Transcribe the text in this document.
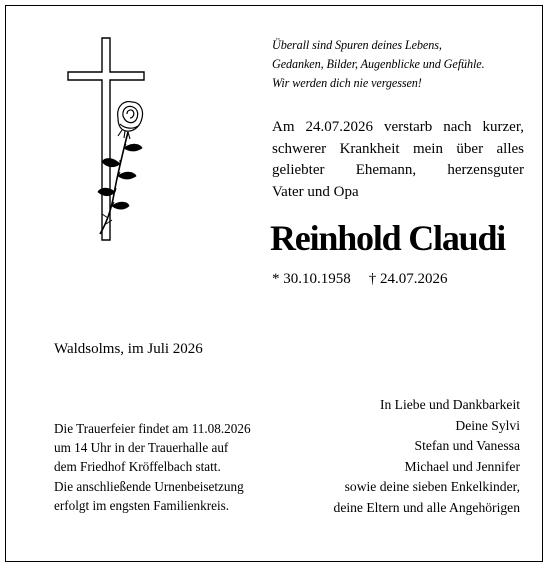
Überall sind Spuren deines Lebens,
Gedanken, Bilder, Augenblicke und Gefühle.
Wir werden dich nie vergessen!
Am 24.07.2026 verstarb nach kurzer,
schwerer Krankheit mein über alles
geliebter Ehemann, herzensguter
Vater und Opa
Reinhold Claudi
* 30.10.1958 † 24.07.2026
Waldsolms, im Juli 2026
Die Trauerfeier findet am 11.08.2026
um 14 Uhr in der Trauerhalle auf
dem Friedhof Kröffelbach statt.
Die anschließende Urnenbeisetzung
erfolgt im engsten Familienkreis.
In Liebe und Dankbarkeit
Deine Sylvi
Stefan und Vanessa
Michael und Jennifer
sowie deine sieben Enkelkinder,
deine Eltern und alle Angehörigen
